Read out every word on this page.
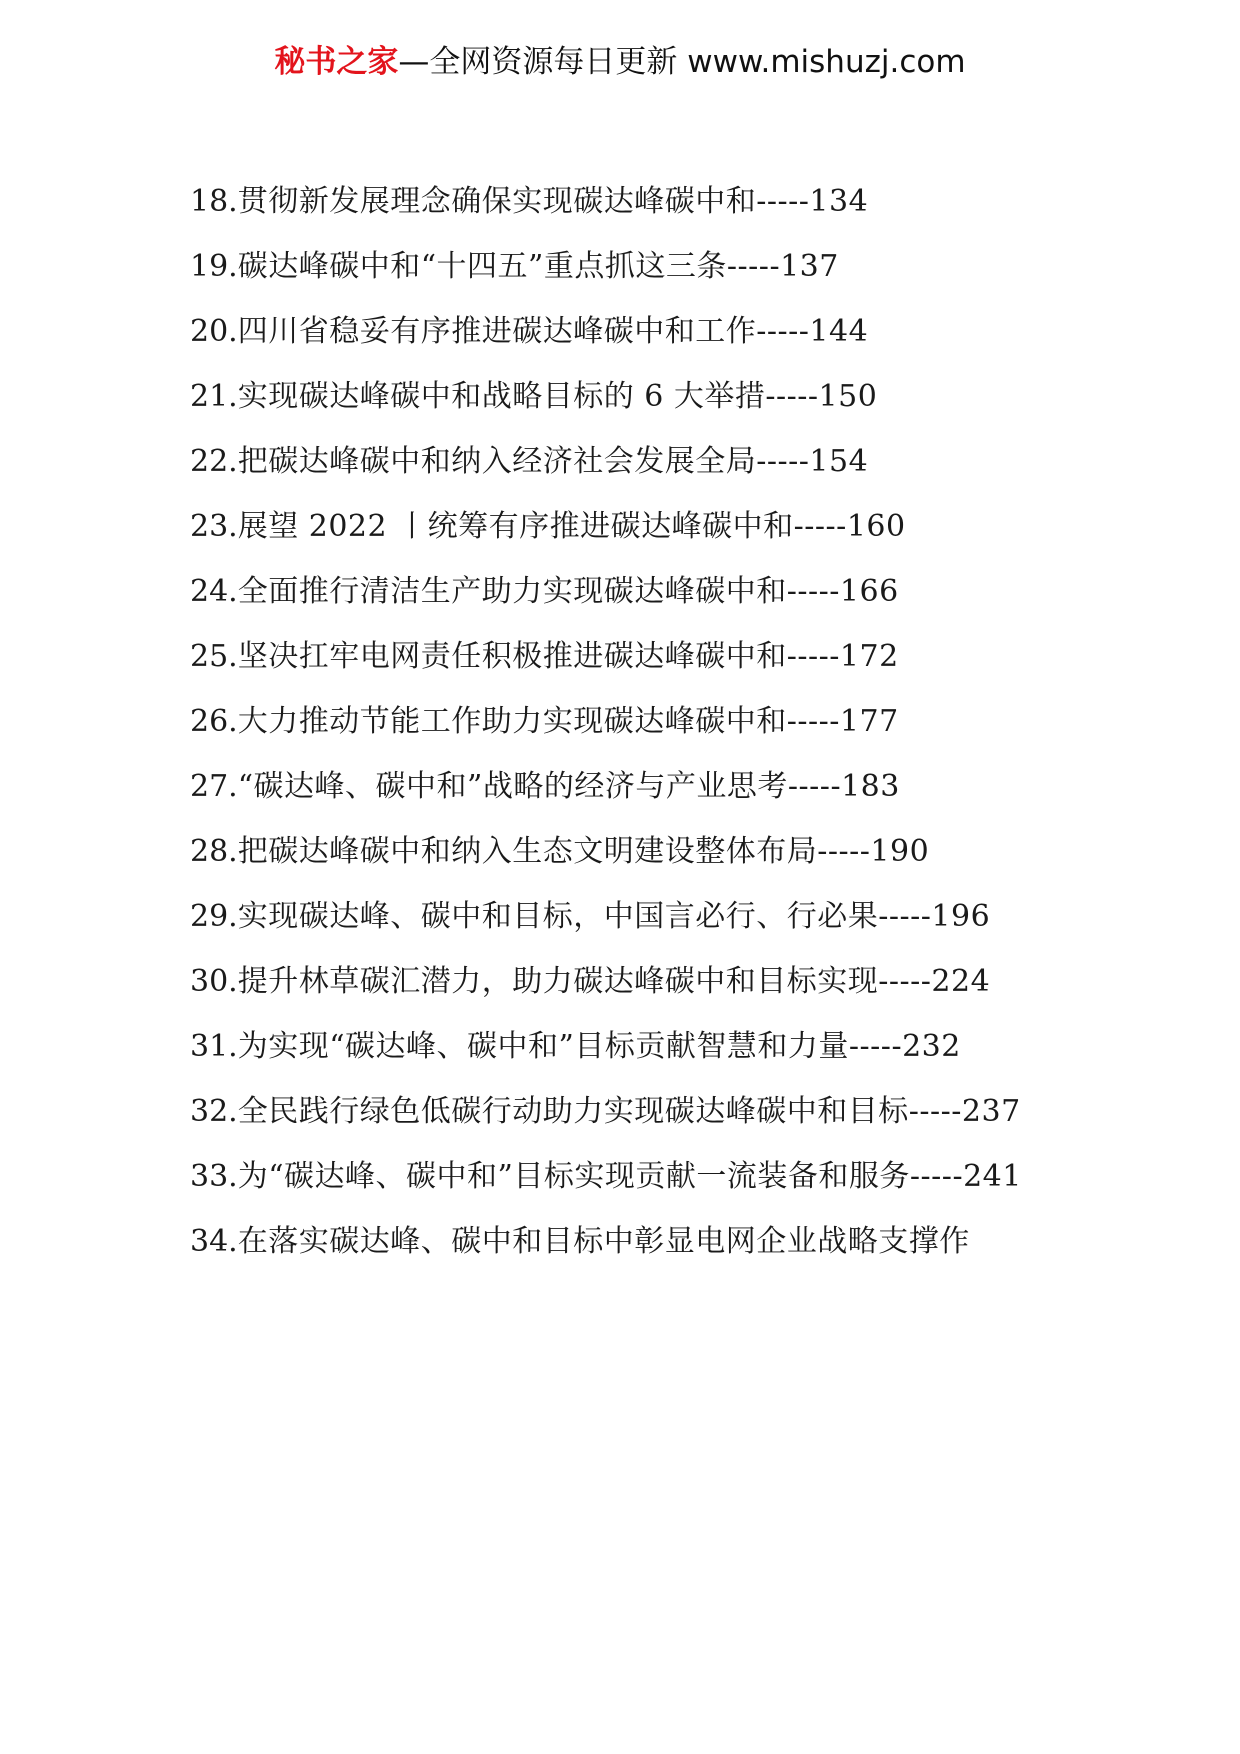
秘书之家—全网资源每日更新 www.mishuzj.com
18.贯彻新发展理念确保实现碳达峰碳中和-----134
19.碳达峰碳中和“十四五”重点抓这三条-----137
20.四川省稳妥有序推进碳达峰碳中和工作-----144
21.实现碳达峰碳中和战略目标的 6 大举措-----150
22.把碳达峰碳中和纳入经济社会发展全局-----154
23.展望 2022 丨统筹有序推进碳达峰碳中和-----160
24.全面推行清洁生产助力实现碳达峰碳中和-----166
25.坚决扛牢电网责任积极推进碳达峰碳中和-----172
26.大力推动节能工作助力实现碳达峰碳中和-----177
27.“碳达峰、碳中和”战略的经济与产业思考-----183
28.把碳达峰碳中和纳入生态文明建设整体布局-----190
29.实现碳达峰、碳中和目标，中国言必行、行必果-----196
30.提升林草碳汇潜力，助力碳达峰碳中和目标实现-----224
31.为实现“碳达峰、碳中和”目标贡献智慧和力量-----232
32.全民践行绿色低碳行动助力实现碳达峰碳中和目标-----237
33.为“碳达峰、碳中和”目标实现贡献一流装备和服务-----241
34.在落实碳达峰、碳中和目标中彰显电网企业战略支撑作
